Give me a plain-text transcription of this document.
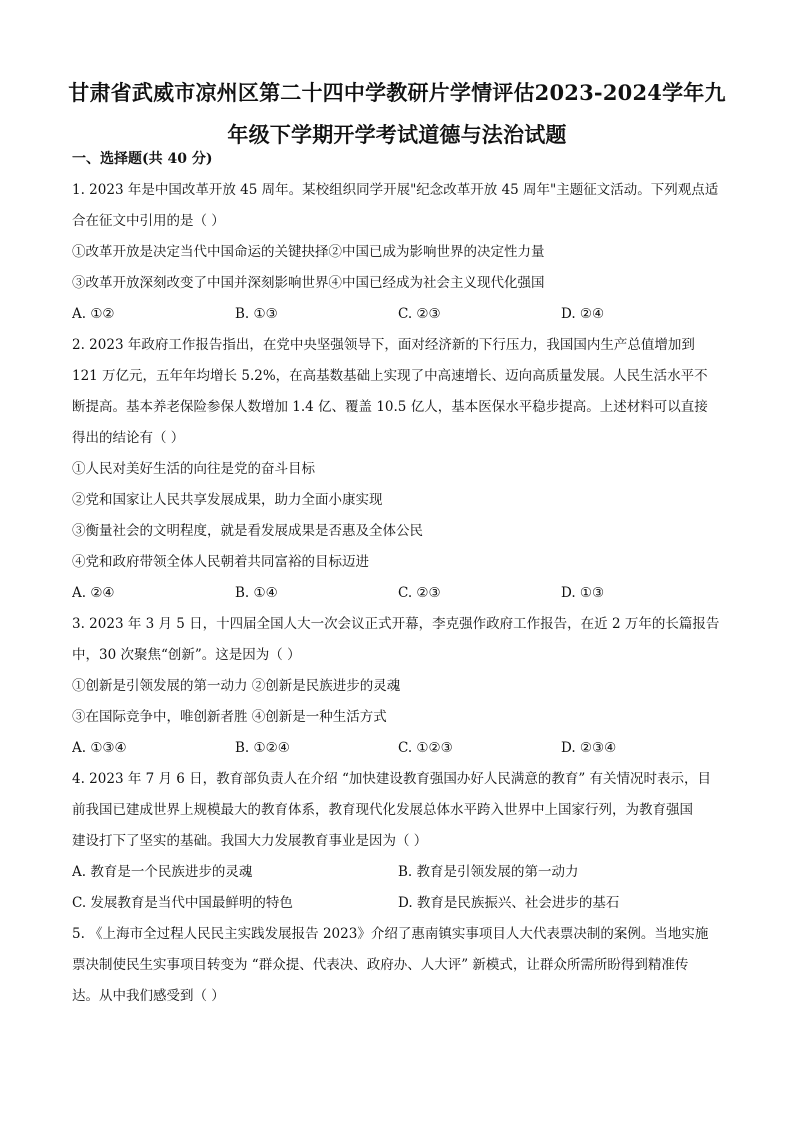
甘肃省武威市凉州区第二十四中学教研片学情评估2023-2024学年九
年级下学期开学考试道德与法治试题
一、选择题(共 40 分)
1. 2023 年是中国改革开放 45 周年。某校组织同学开展"纪念改革开放 45 周年"主题征文活动。下列观点适
合在征文中引用的是（ ）
①改革开放是决定当代中国命运的关键抉择②中国已成为影响世界的决定性力量
③改革开放深刻改变了中国并深刻影响世界④中国已经成为社会主义现代化强国
A. ①②	B. ①③	C. ②③	D. ②④
2. 2023 年政府工作报告指出，在党中央坚强领导下，面对经济新的下行压力，我国国内生产总值增加到
121 万亿元，五年年均增长 5.2%，在高基数基础上实现了中高速增长、迈向高质量发展。人民生活水平不
断提高。基本养老保险参保人数增加 1.4 亿、覆盖 10.5 亿人，基本医保水平稳步提高。上述材料可以直接
得出的结论有（ ）
①人民对美好生活的向往是党的奋斗目标
②党和国家让人民共享发展成果，助力全面小康实现
③衡量社会的文明程度，就是看发展成果是否惠及全体公民
④党和政府带领全体人民朝着共同富裕的目标迈进
A. ②④	B. ①④	C. ②③	D. ①③
3. 2023 年 3 月 5 日，十四届全国人大一次会议正式开幕，李克强作政府工作报告，在近 2 万年的长篇报告
中，30 次聚焦“创新”。这是因为（ ）
①创新是引领发展的第一动力 ②创新是民族进步的灵魂
③在国际竞争中，唯创新者胜 ④创新是一种生活方式
A. ①③④	B. ①②④	C. ①②③	D. ②③④
4. 2023 年 7 月 6 日，教育部负责人在介绍 “加快建设教育强国办好人民满意的教育” 有关情况时表示，目
前我国已建成世界上规模最大的教育体系，教育现代化发展总体水平跨入世界中上国家行列，为教育强国
建设打下了坚实的基础。我国大力发展教育事业是因为（ ）
A. 教育是一个民族进步的灵魂	B. 教育是引领发展的第一动力
C. 发展教育是当代中国最鲜明的特色	D. 教育是民族振兴、社会进步的基石
5. 《上海市全过程人民民主实践发展报告 2023》介绍了惠南镇实事项目人大代表票决制的案例。当地实施
票决制使民生实事项目转变为 “群众提、代表决、政府办、人大评” 新模式，让群众所需所盼得到精准传
达。从中我们感受到（ ）
